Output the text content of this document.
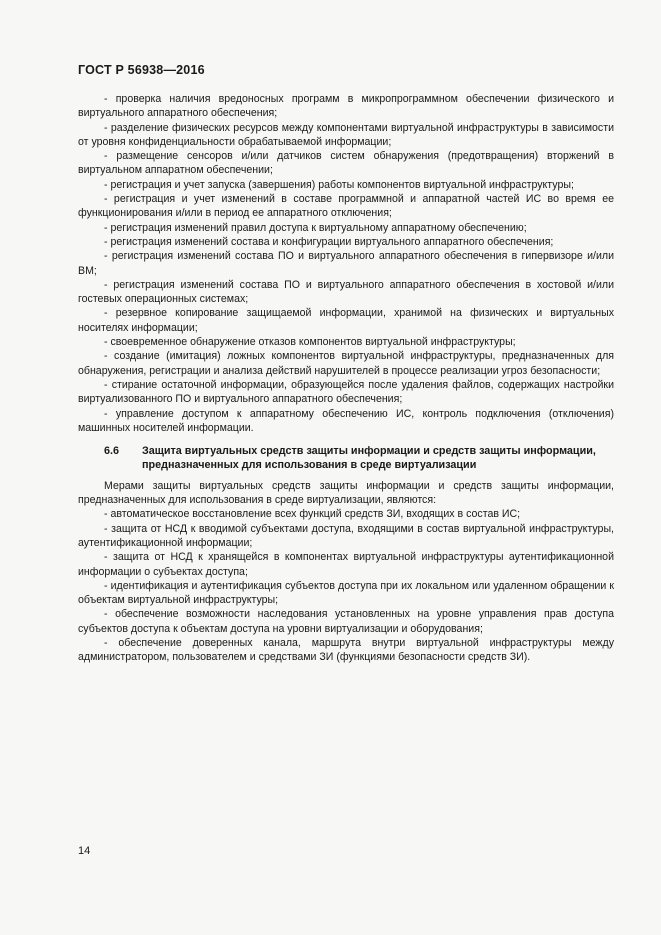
ГОСТ Р 56938—2016

- проверка наличия вредоносных программ в микропрограммном обеспечении физического и виртуального аппаратного обеспечения;

- разделение физических ресурсов между компонентами виртуальной инфраструктуры в зависимости от уровня конфиденциальности обрабатываемой информации;

- размещение сенсоров и/или датчиков систем обнаружения (предотвращения) вторжений в виртуальном аппаратном обеспечении;

- регистрация и учет запуска (завершения) работы компонентов виртуальной инфраструктуры;

- регистрация и учет изменений в составе программной и аппаратной частей ИС во время ее функционирования и/или в период ее аппаратного отключения;

- регистрация изменений правил доступа к виртуальному аппаратному обеспечению;

- регистрация изменений состава и конфигурации виртуального аппаратного обеспечения;

- регистрация изменений состава ПО и виртуального аппаратного обеспечения в гипервизоре и/или ВМ;

- регистрация изменений состава ПО и виртуального аппаратного обеспечения в хостовой и/или гостевых операционных системах;

- резервное копирование защищаемой информации, хранимой на физических и виртуальных носителях информации;

- своевременное обнаружение отказов компонентов виртуальной инфраструктуры;

- создание (имитация) ложных компонентов виртуальной инфраструктуры, предназначенных для обнаружения, регистрации и анализа действий нарушителей в процессе реализации угроз безопасности;

- стирание остаточной информации, образующейся после удаления файлов, содержащих настройки виртуализованного ПО и виртуального аппаратного обеспечения;

- управление доступом к аппаратному обеспечению ИС, контроль подключения (отключения) машинных носителей информации.

6.6	Защита виртуальных средств защиты информации и средств защиты информации, предназначенных для использования в среде виртуализации

Мерами защиты виртуальных средств защиты информации и средств защиты информации, предназначенных для использования в среде виртуализации, являются:

- автоматическое восстановление всех функций средств ЗИ, входящих в состав ИС;

- защита от НСД к вводимой субъектами доступа, входящими в состав виртуальной инфраструктуры, аутентификационной информации;

- защита от НСД к хранящейся в компонентах виртуальной инфраструктуры аутентификационной информации о субъектах доступа;

- идентификация и аутентификация субъектов доступа при их локальном или удаленном обращении к объектам виртуальной инфраструктуры;

- обеспечение возможности наследования установленных на уровне управления прав доступа субъектов доступа к объектам доступа на уровни виртуализации и оборудования;

- обеспечение доверенных канала, маршрута внутри виртуальной инфраструктуры между администратором, пользователем и средствами ЗИ (функциями безопасности средств ЗИ).

14
